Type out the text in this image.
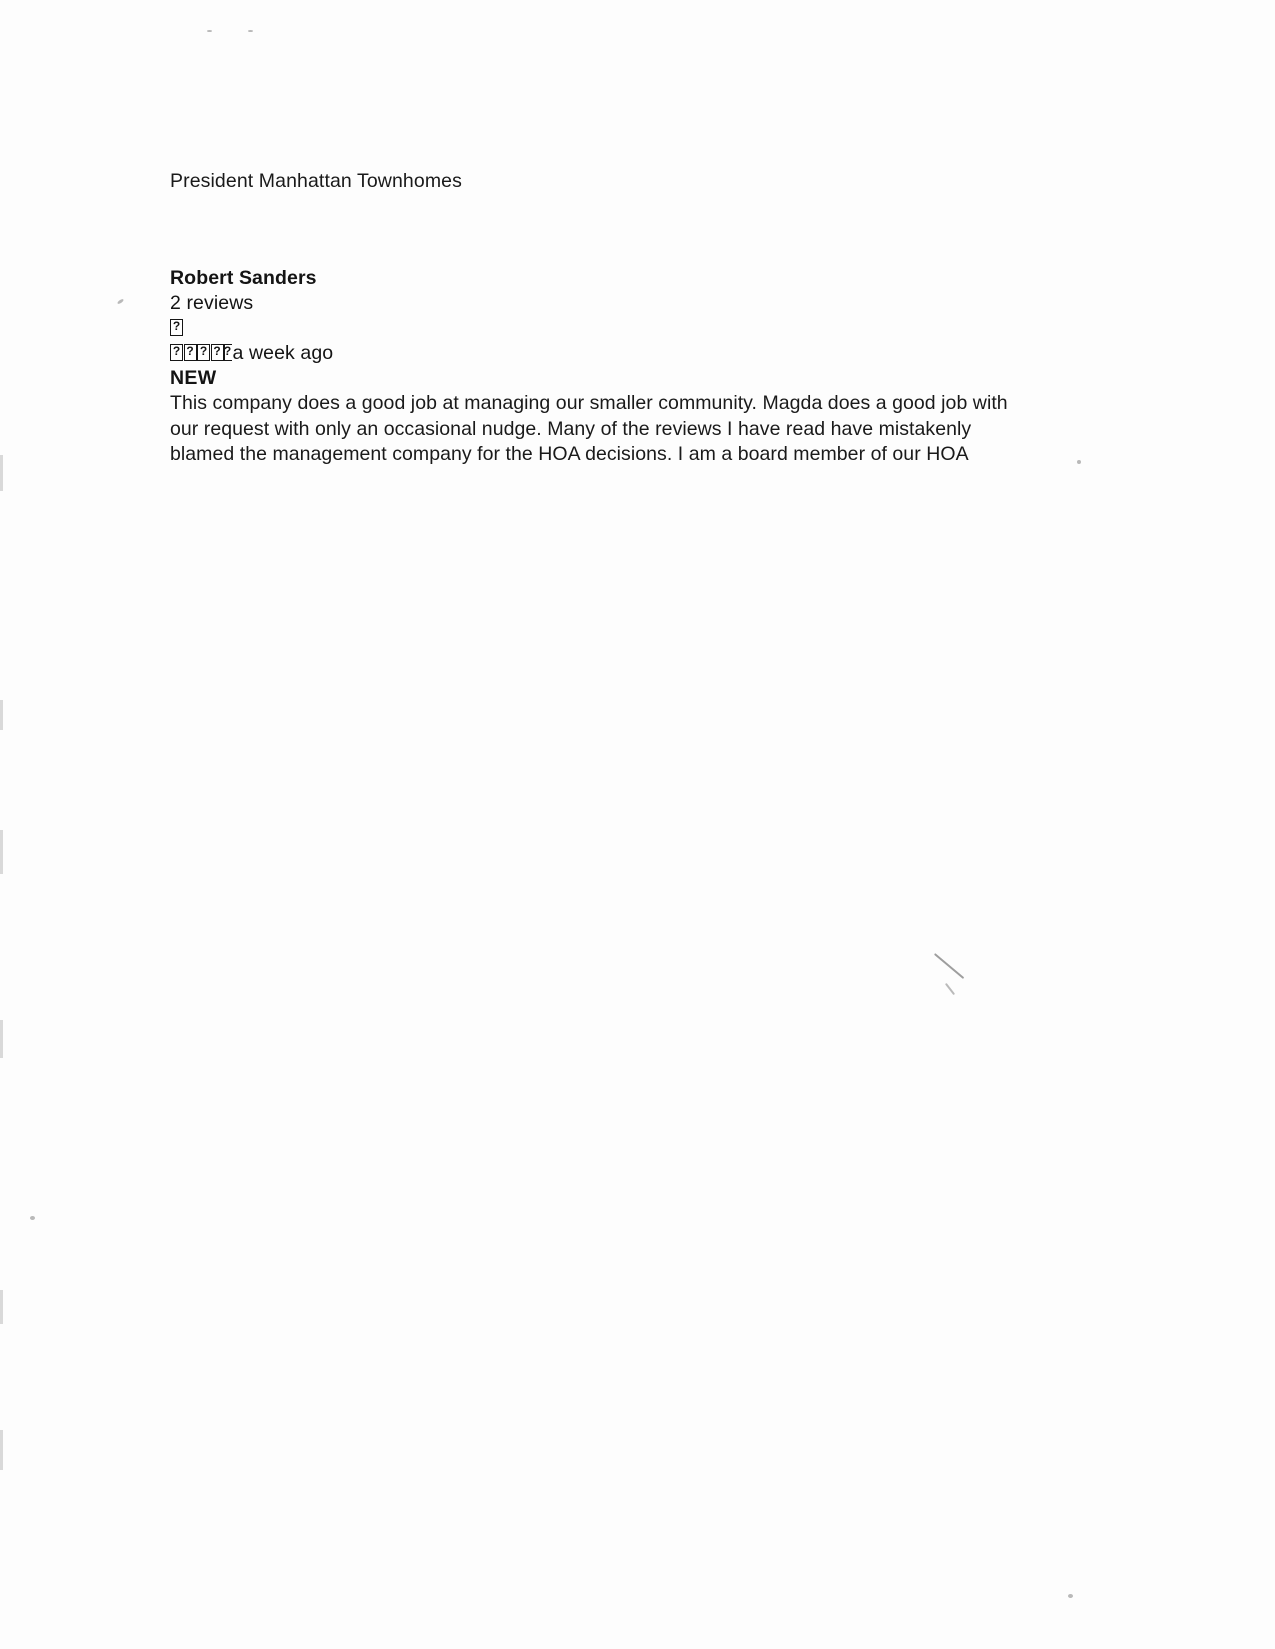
President Manhattan Townhomes
Robert Sanders
2 reviews
a week ago
NEW
This company does a good job at managing our smaller community. Magda does a good job with
our request with only an occasional nudge. Many of the reviews I have read have mistakenly
blamed the management company for the HOA decisions. I am a board member of our HOA
